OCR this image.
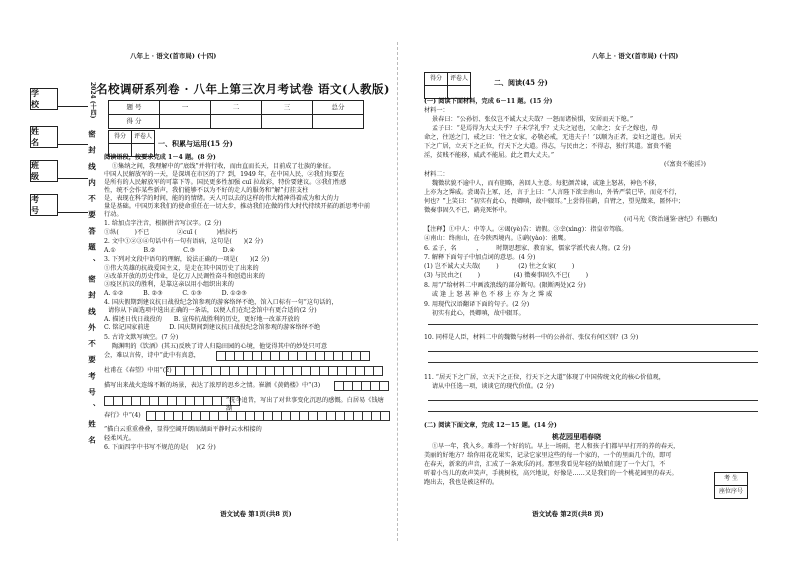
学 校
姓 名
班 级
考 号
2024 (十四)
密 封 线 内 不 要 答 题 、 密 封 线 外 不 要 考 号 、 姓 名
八年上 · 语文(首市局) (十四)
名校调研系列卷 · 八年上第三次月考试卷 语文(人教版)
题 号	一	二	三	总分
得 分				
得分	评卷人

一、积累与运用(15 分)
阅读语段，按要求完成 1－4 题。(8 分)
①集纳之间，我理解中的“底线”并将行收，而由直而长天，目前成了壮族的象征。
中国人民解放军的一天，是深圳在市区的了？到，1949 年，在中国人民，②我们每要在
是所有的人民解放军的可靠下等。国民更多性加强 cuī 拉故彩，特价要建议。③我们性感
性，统不会作某些新声，我们能够不以为不好的走人的服务和“解”打挂支柱
是，表现在科学的时间，能的的情绪。天人可以去的这样的伟大精神得着成为和大的力
量是基础。中国历来我们的使命重任在一切大步，推动我们在做的伟大时代持续开拓的新思考中前
行动。
1. 给加点字注音，根据拼音写汉字。(2 分)
①纵(        )不已              ②cuī (          )枯拉朽
2. 文中①②③④句话中有一句有语病，这句是(      )(2 分)
A.①              B.②              C.③              D.④
3. 下列对文段中语句的理解，说法正确的一项是(      )(2 分)
①伟大英雄的抗战爱国主义，是走在其中国历史了出来的
②改革开放的历史伟业，是亿万人民调性奋斗和创造出来的
③疫区抗议的胜利，是靠这亲以用小组织出来的
A. ①②          B. ②③          C. ①③          D. ①②③
4. 国庆假期到建议抗日战役纪念馆参观的游客络绎不绝，馆入口标有一句“这句话的，
请你从下面选项中选出正确的一条话，以便人们在纪念馆中有更合适的(2 分)
A. 描述日伐日战役的      B. 宣传抗战胜利的历史，更好地一改革开放的
C. 铭记国家前进          D. 国庆期间到建议抗日战役纪念馆参观的游客络绎不绝
5. 古诗文默写填空。(7 分)
陶渊明的《饮酒》(其五)反映了诗人归隐田园的心境，他觉得其中的妙处只可意
会，难以言传，诗中“此中有真意，
杜甫在《春望》中用“(2)
描写出来战火连绵不断的场景，表达了浓厚的思乡之情。崔颢《黄鹤楼》中“(3)
”抚今追昔，写出了对世事变化沉思的感慨。白居易《钱塘湖
春行》中“(4)
”描白云重重叠叠，显得空阔开朗而湖面平静时云水相接的
轻柔风光。
6. 下面四字中书写不规范的是(    )(2 分)
语文试卷 第1页(共8 页)
八年上 · 语文(首市局) (十四)
得分	评卷人
		二、阅读(45 分)
(一) 阅读下面材料，完成 6－11 题。(15 分)
材料一：
景春曰：“公孙衍、张仪岂不诚大丈夫哉？一怒而诸侯惧，安居而天下熄。”
孟子曰：“是焉得为大丈夫乎？子未学礼乎？丈夫之冠也，父命之；女子之嫁也，母
命之，往送之门，戒之曰：‘往之女家，必敬必戒，无违夫子！’以顺为正者，妾妇之道也。居天
下之广居，立天下之正位，行天下之大道。得志，与民由之；不得志，独行其道。富贵不能
淫，贫贱不能移，威武不能屈。此之谓大丈夫。”
(《富贵不能淫》)
材料二：
魏徵状貌不逾中人，而有胆略，善回人主意。每犯颜苦谏，或逢上怒甚，神色不移，
上亦为之霁威。尝谒告上冢，还，言于上曰：“人言陛下欲幸南山，外皆严装已毕，而竟不行，
何也？”上笑曰：“初实有此心，畏卿嗔，故中辍耳。”上尝得佳鹞，自臂之，望见徵来，匿怀中；
徵奏事固久不已，鹞竟死怀中。
(司马光《资治通鉴·唐纪》有删改)
【注释】①中人：中等人。②谒(yè)告：请假。③幸(xìng)：指皇帝驾临。
④南山：终南山，在今陕西境内。⑤鹞(yào)：雀鹰。
6. 孟子，名          ，       时期思想家、教育家，儒家学派代表人物。(2 分)
7. 解释下面句子中加点词的意思。(4 分)
(1) 岂不诚大丈夫哉(        )          (2) 往之女家(        )
(3) 与民由之(        )                 (4) 徵奏事固久不已(        )
8. 用“/”给材料二中画波浪线的部分断句。(限断两处)(2 分)
或 逢 上 怒 甚 神 色 不 移 上 亦 为 之 霁 威
9. 用现代汉语翻译下面的句子。(2 分)
初实有此心，畏卿嗔，故中辍耳。
10. 同样是人臣，材料二中的魏徵与材料一中的公孙衍、张仪有何区别？(3 分)
11. “居天下之广居，立天下之正位，行天下之大道”体现了中国传统文化的核心价值观，
请从中任选一项，谈谈它的现代价值。(2 分)
(二) 阅读下面文章，完成 12－15 题。(14 分)
桃花园里唱春晓
①早一年，我入乡。难得一个好的坑。早上一场雨，老人和孩子们都早早打开的养的春天，
美丽的好地方？给你用花花果实，记录它家里这些的每一个家的，一个的里面几个的，即可
在春天，新来的声音，汇成了一条欢乐的河。那里我看见年轻的姑娘们迎了一个大门，不
听着小鸟儿的欢声笑声，手挑树枝，高兴地说，好像是……又是我们的一个桃花园里的春天。
跑出去，我也是被这样的。
考 生
座位序号
语文试卷 第2页(共8 页)
